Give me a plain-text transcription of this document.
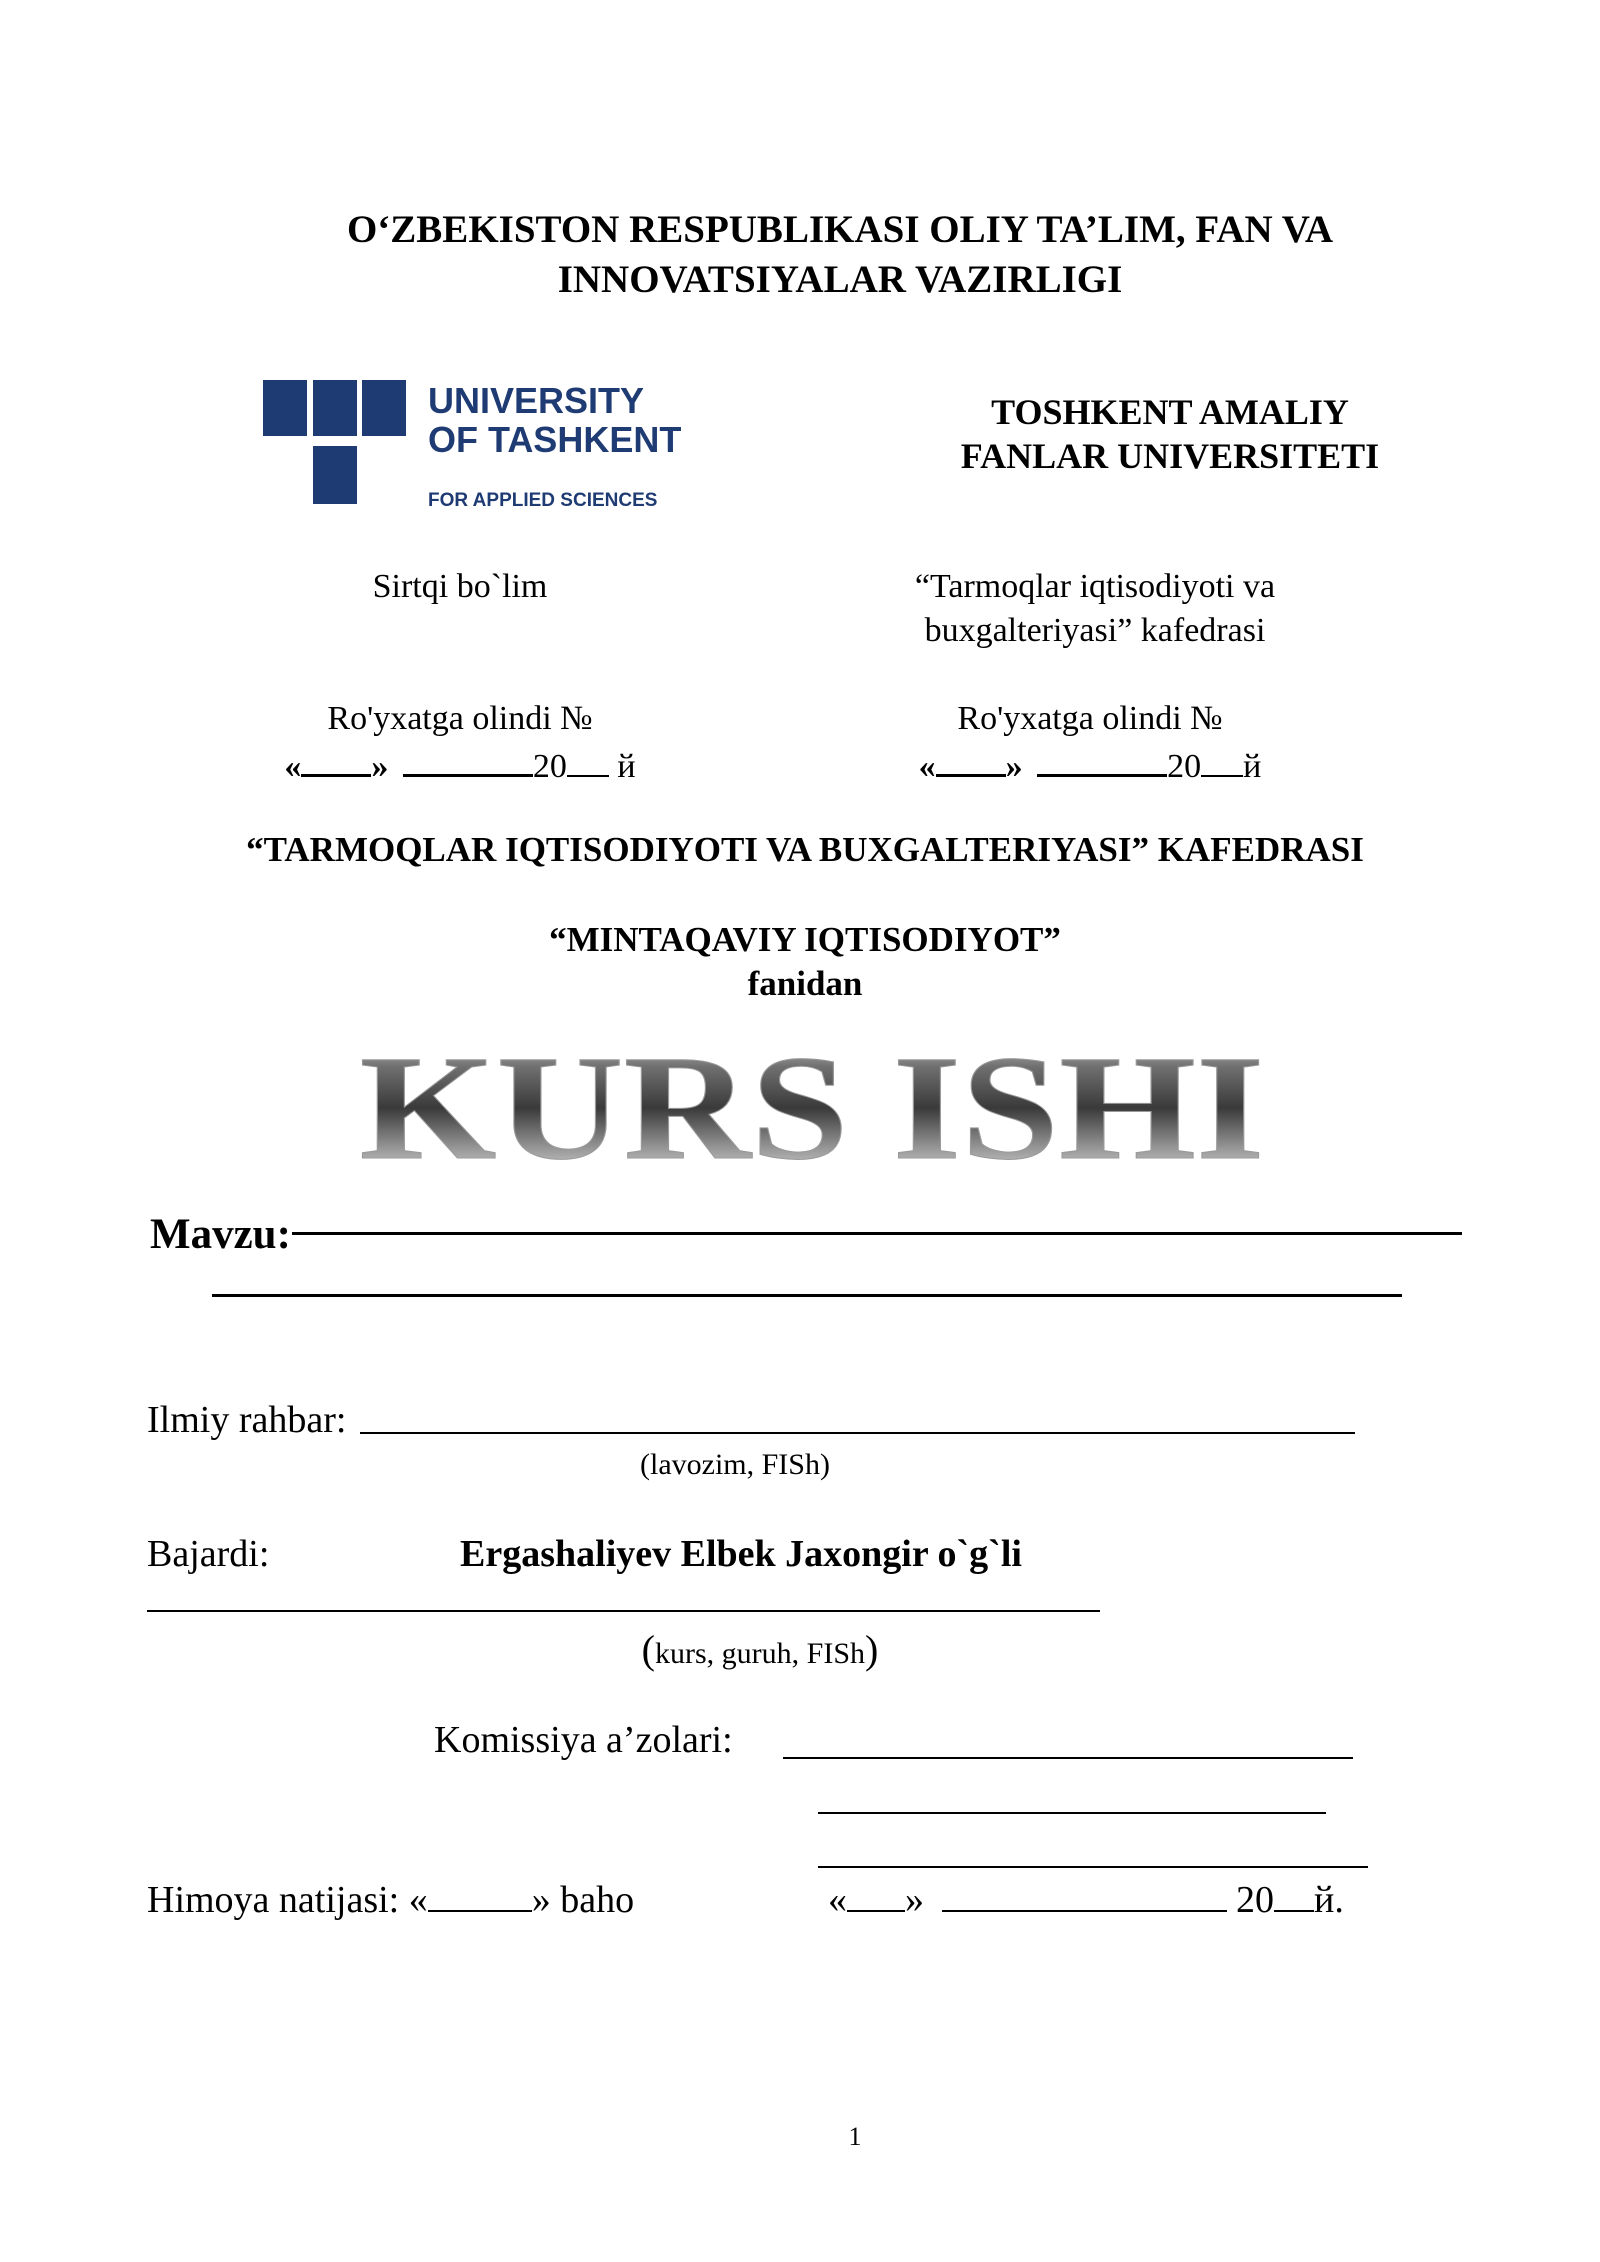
O‘ZBEKISTON RESPUBLIKASI OLIY TA’LIM, FAN VA
INNOVATSIYALAR VAZIRLIGI
UNIVERSITY
OF TASHKENT
FOR APPLIED SCIENCES
TOSHKENT AMALIY
FANLAR UNIVERSITETI
Sirtqi bo`lim	“Tarmoqlar iqtisodiyoti va
buxgalteriyasi” kafedrasi
Ro'yxatga olindi №
« »	20 й
Ro'yxatga olindi №
« »	20 й
“TARMOQLAR IQTISODIYOTI VA BUXGALTERIYASI” KAFEDRASI
“MINTAQAVIY IQTISODIYOT”
fanidan
KURS ISHI
Mavzu:
Ilmiy rahbar:
(lavozim, FISh)
Bajardi:	Ergashaliyev Elbek Jaxongir o`g`li
(kurs, guruh, FISh)
Komissiya a’zolari:
Himoya natijasi: «	» baho	« »	20 й.
1
